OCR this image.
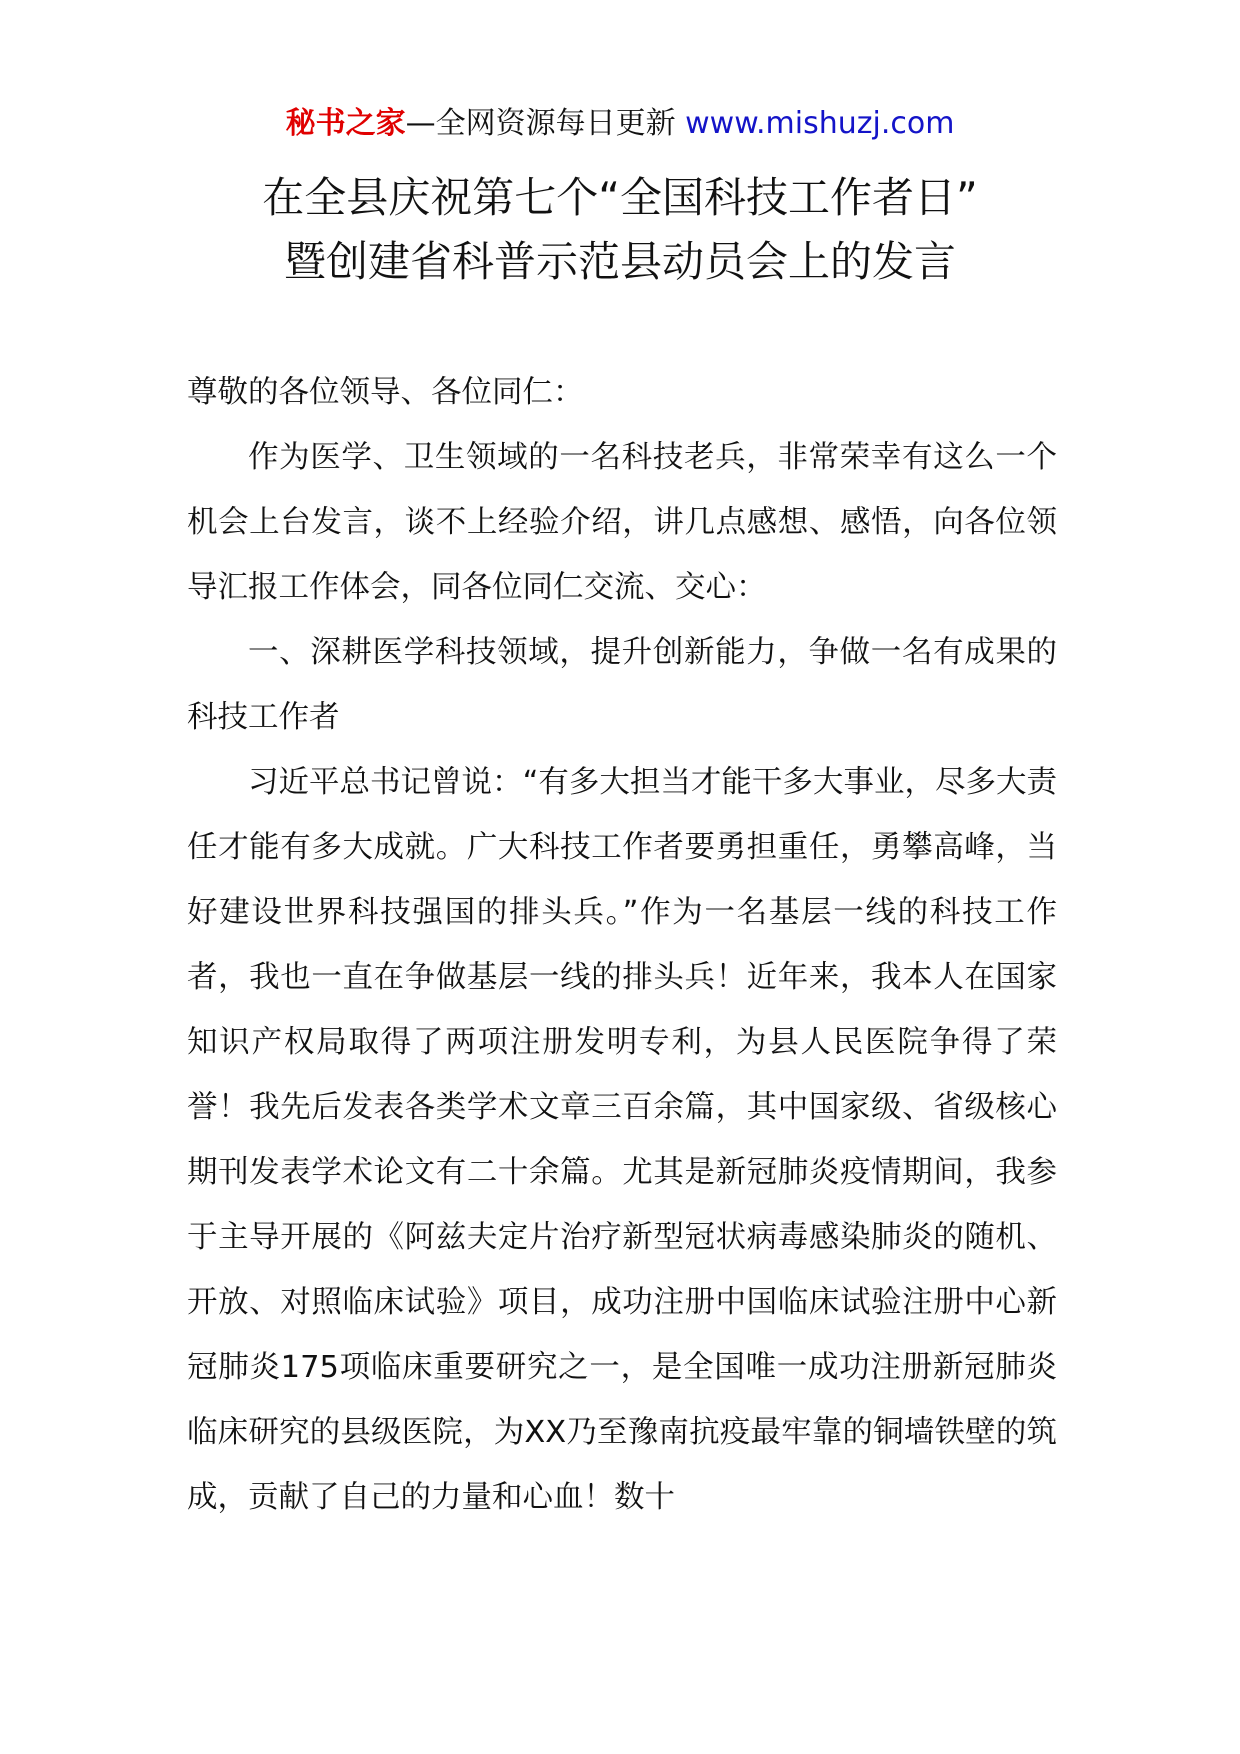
秘书之家—全网资源每日更新 www.mishuzj.com
在全县庆祝第七个“全国科技工作者日”
暨创建省科普示范县动员会上的发言

尊敬的各位领导、各位同仁：

作为医学、卫生领域的一名科技老兵，非常荣幸有这么一个机会上台发言，谈不上经验介绍，讲几点感想、感悟，向各位领导汇报工作体会，同各位同仁交流、交心：

一、深耕医学科技领域，提升创新能力，争做一名有成果的科技工作者

习近平总书记曾说：“有多大担当才能干多大事业，尽多大责任才能有多大成就。广大科技工作者要勇担重任，勇攀高峰，当好建设世界科技强国的排头兵。”作为一名基层一线的科技工作者，我也一直在争做基层一线的排头兵！近年来，我本人在国家知识产权局取得了两项注册发明专利，为县人民医院争得了荣誉！我先后发表各类学术文章三百余篇，其中国家级、省级核心期刊发表学术论文有二十余篇。尤其是新冠肺炎疫情期间，我参于主导开展的《阿兹夫定片治疗新型冠状病毒感染肺炎的随机、开放、对照临床试验》项目，成功注册中国临床试验注册中心新冠肺炎175项临床重要研究之一，是全国唯一成功注册新冠肺炎临床研究的县级医院，为XX乃至豫南抗疫最牢靠的铜墙铁壁的筑成，贡献了自己的力量和心血！数十
